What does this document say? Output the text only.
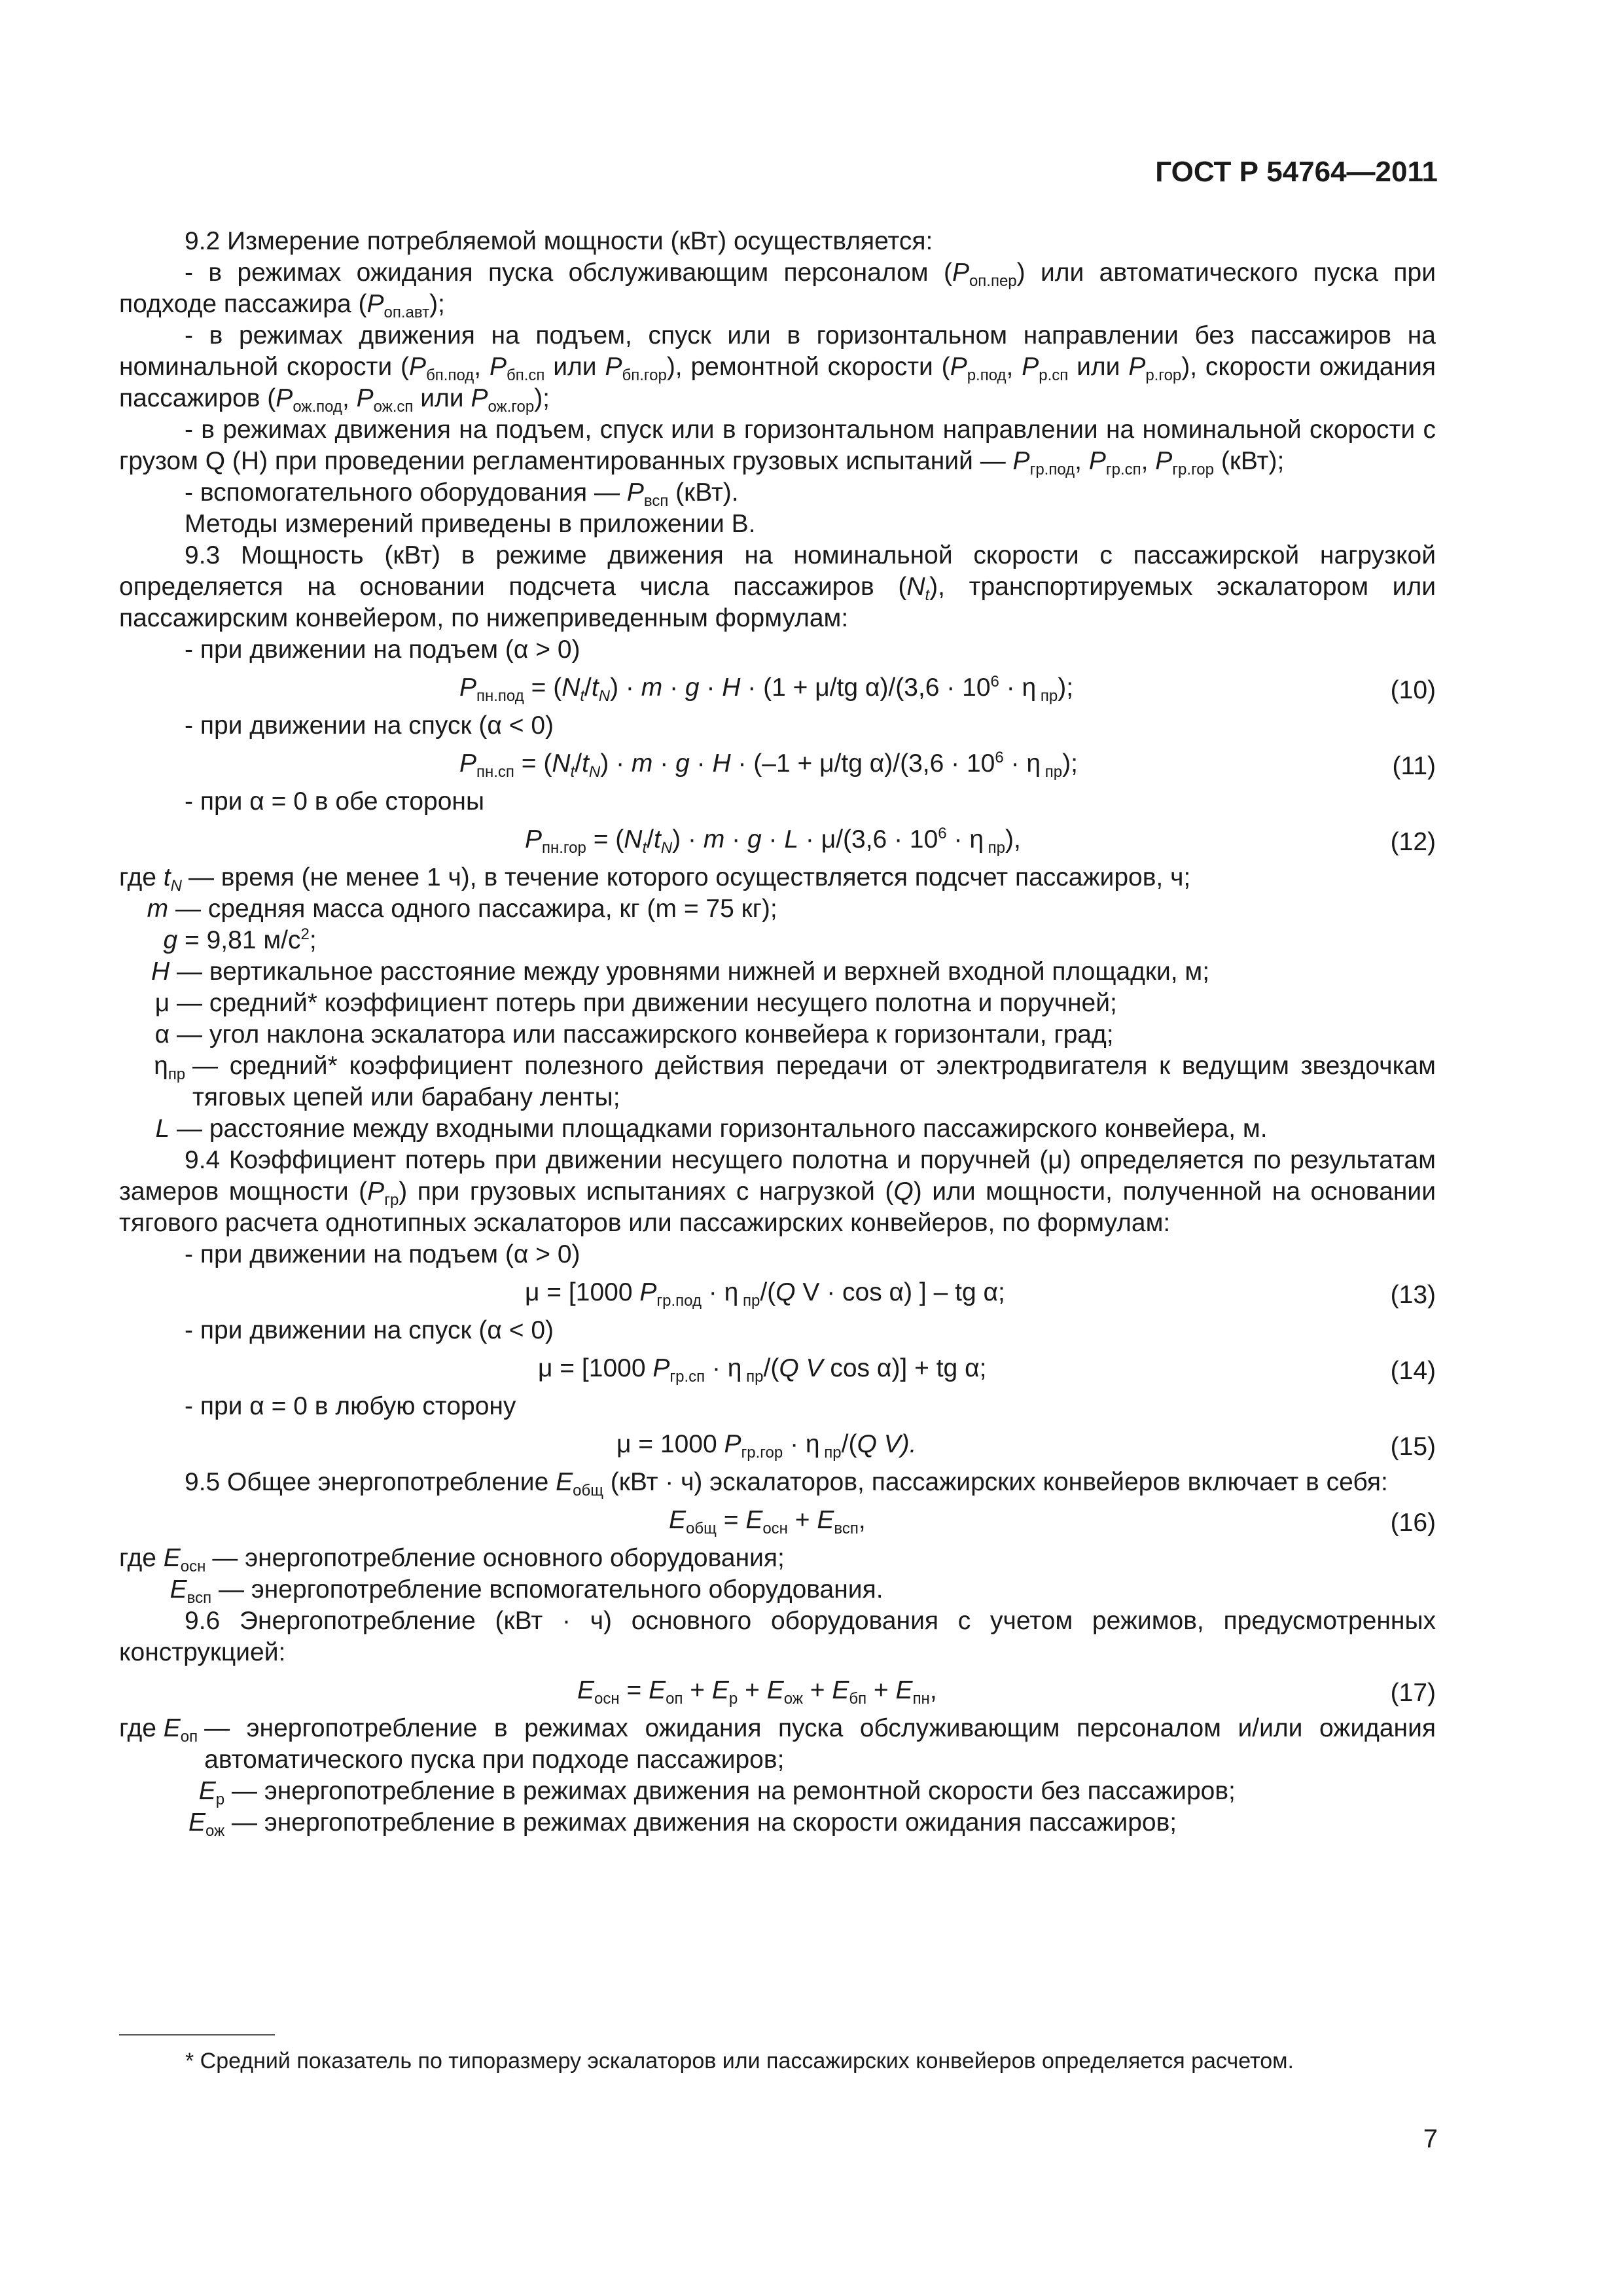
ГОСТ Р 54764—2011

9.2 Измерение потребляемой мощности (кВт) осуществляется:

- в режимах ожидания пуска обслуживающим персоналом $(P_{оп.пер})$ или автоматического пуска при подходе пассажира $(P_{оп.авт})$;

- в режимах движения на подъем, спуск или в горизонтальном направлении без пассажиров на номинальной скорости ($P_{бп.под}$, $P_{бп.сп}$ или $P_{бп.гор}$), ремонтной скорости ($P_{р.под}$, $P_{р.сп}$ или $P_{р.гор}$), скорости ожидания пассажиров ($P_{ож.под}$, $P_{ож.сп}$ или $P_{ож.гор}$);

- в режимах движения на подъем, спуск или в горизонтальном направлении на номинальной скорости с грузом Q (Н) при проведении регламентированных грузовых испытаний — $P_{гр.под}$, $P_{гр.сп}$, $P_{гр.гор}$ (кВт);

- вспомогательного оборудования — $P_{всп}$ (кВт).

Методы измерений приведены в приложении В.

9.3 Мощность (кВт) в режиме движения на номинальной скорости с пассажирской нагрузкой определяется на основании подсчета числа пассажиров $(N_t)$, транспортируемых эскалатором или пассажирским конвейером, по нижеприведенным формулам:

- при движении на подъем (α > 0)

$P_{пн.под} = (N_t/t_N) \cdot m \cdot g \cdot H \cdot (1 + \mu/tg$ $\alpha)/(3,6 \cdot 10^6 \cdot \eta$ $_{пр}$);	(10)

- при движении на спуск (α < 0)

$P_{пн.сп} = (N_t/t_N) \cdot m \cdot g \cdot H \cdot (-1 + \mu/tg$ $\alpha)/(3,6 \cdot 10^6 \cdot \eta$ $_{пр}$);	(11)

- при α = 0 в обе стороны

$P_{пн.гор} = (N_t/t_N) \cdot m \cdot g \cdot L \cdot \mu/(3,6 \cdot 10^6 \cdot \eta$ $_{пр}$),	(12)
где $t_N$ — время (не менее 1 ч), в течение которого осуществляется подсчет пассажиров, ч;
m — средняя масса одного пассажира, кг (m = 75 кг);
g = 9,81 $м/с^2$;
H — вертикальное расстояние между уровнями нижней и верхней входной площадки, м;
μ — средний* коэффициент потерь при движении несущего полотна и поручней;
α — угол наклона эскалатора или пассажирского конвейера к горизонтали, град;
$\eta_{пр}$ — средний* коэффициент полезного действия передачи от электродвигателя к ведущим звездочкам тяговых цепей или барабану ленты;
L — расстояние между входными площадками горизонтального пассажирского конвейера, м.

9.4 Коэффициент потерь при движении несущего полотна и поручней (μ) определяется по результатам замеров мощности $(P_{гр})$ при грузовых испытаниях с нагрузкой (Q) или мощности, полученной на основании тягового расчета однотипных эскалаторов или пассажирских конвейеров, по формулам:

- при движении на подъем (α > 0)

μ = [1000 $P_{гр.под} \cdot \eta$ $_{пр}$/(Q V · cos α) ] – tg α;	(13)

- при движении на спуск (α < 0)

μ = [1000 $P_{гр.сп} \cdot \eta$ $_{пр}$/(Q V cos α)] + tg α;	(14)

- при α = 0 в любую сторону

μ = 1000 $P_{гр.гор} \cdot \eta$ $_{пр}$/(Q V).	(15)

9.5 Общее энергопотребление $E_{общ}$ (кВт · ч) эскалаторов, пассажирских конвейеров включает в себя:

$E_{общ} = E_{осн} + E_{всп}$,	(16)
где $E_{осн}$ — энергопотребление основного оборудования;
$E_{всп}$ — энергопотребление вспомогательного оборудования.

9.6 Энергопотребление (кВт · ч) основного оборудования с учетом режимов, предусмотренных конструкцией:

$E_{осн} = E_{оп} + E_р + E_{ож} + E_{бп} + E_{пн}$,	(17)
где $E_{оп}$ — энергопотребление в режимах ожидания пуска обслуживающим персоналом и/или ожидания автоматического пуска при подходе пассажиров;
$E_р$ — энергопотребление в режимах движения на ремонтной скорости без пассажиров;
$E_{ож}$ — энергопотребление в режимах движения на скорости ожидания пассажиров;
* Средний показатель по типоразмеру эскалаторов или пассажирских конвейеров определяется расчетом.
7
